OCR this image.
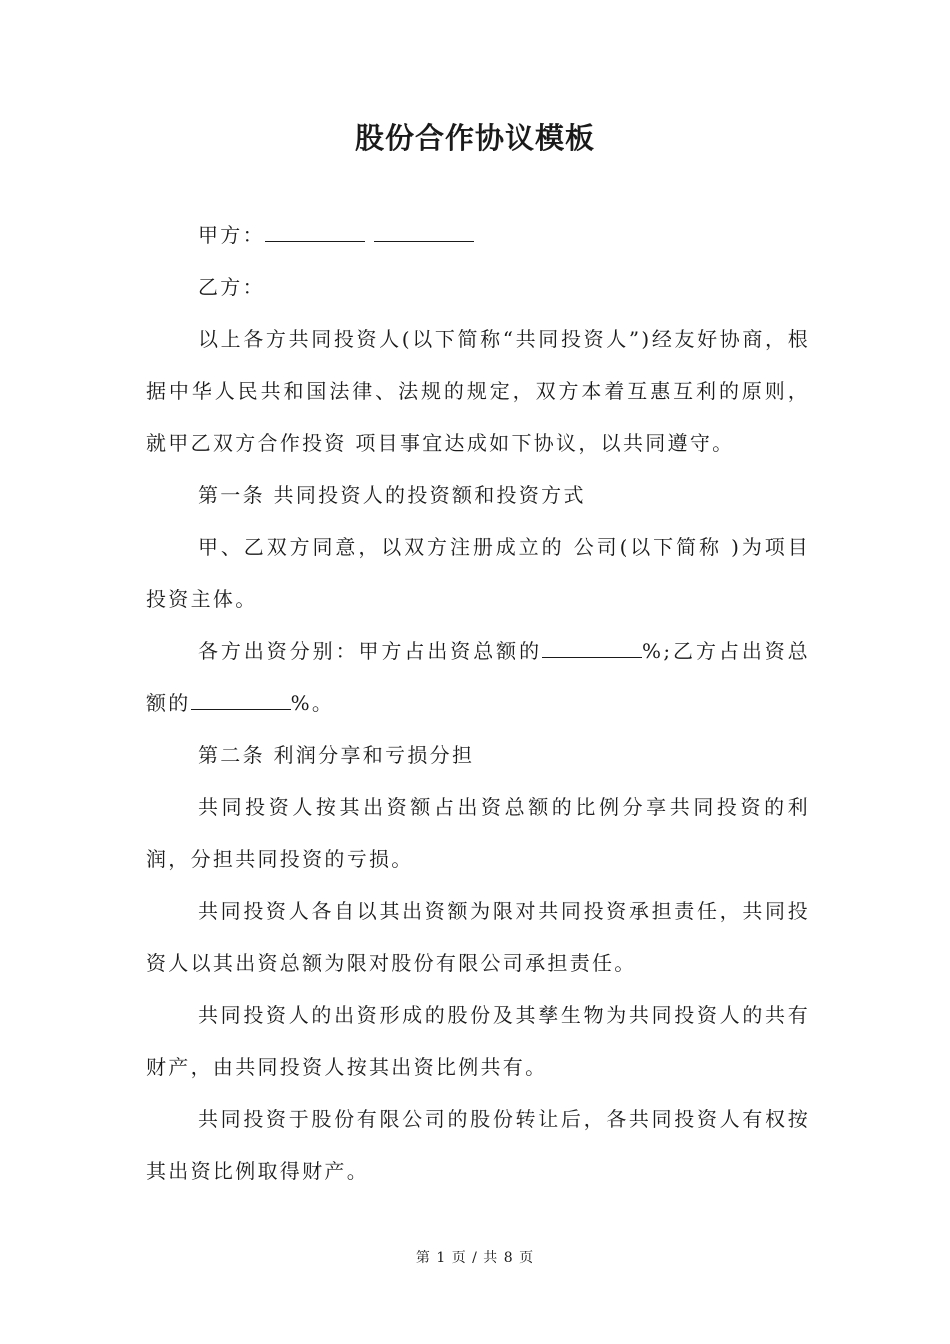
股份合作协议模板

甲方：

乙方：

以上各方共同投资人(以下简称“共同投资人”)经友好协商，根据中华人民共和国法律、法规的规定，双方本着互惠互利的原则，就甲乙双方合作投资 项目事宜达成如下协议，以共同遵守。

第一条 共同投资人的投资额和投资方式

甲、乙双方同意，以双方注册成立的 公司(以下简称 )为项目投资主体。

各方出资分别：甲方占出资总额的	%;乙方占出资总额的	%。

第二条 利润分享和亏损分担

共同投资人按其出资额占出资总额的比例分享共同投资的利润，分担共同投资的亏损。

共同投资人各自以其出资额为限对共同投资承担责任，共同投资人以其出资总额为限对股份有限公司承担责任。

共同投资人的出资形成的股份及其孳生物为共同投资人的共有财产，由共同投资人按其出资比例共有。

共同投资于股份有限公司的股份转让后，各共同投资人有权按其出资比例取得财产。

第 1 页 / 共 8 页
